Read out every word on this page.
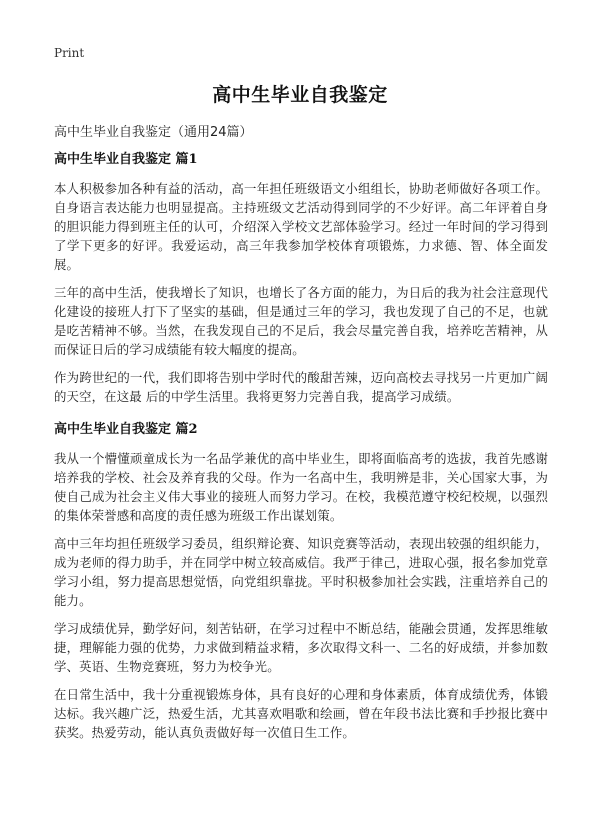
Print
高中生毕业自我鉴定

高中生毕业自我鉴定（通用24篇）

高中生毕业自我鉴定 篇1

本人积极参加各种有益的活动，高一年担任班级语文小组组长，协助老师做好各项工作。自身语言表达能力也明显提高。主持班级文艺活动得到同学的不少好评。高二年评着自身的胆识能力得到班主任的认可，介绍深入学校文艺部体验学习。经过一年时间的学习得到了学下更多的好评。我爱运动，高三年我参加学校体育项锻炼，力求德、智、体全面发展。

三年的高中生活，使我增长了知识，也增长了各方面的能力，为日后的我为社会注意现代化建设的接班人打下了坚实的基础，但是通过三年的学习，我也发现了自己的不足，也就是吃苦精神不够。当然，在我发现自己的不足后，我会尽量完善自我，培养吃苦精神，从而保证日后的学习成绩能有较大幅度的提高。

作为跨世纪的一代，我们即将告别中学时代的酸甜苦辣，迈向高校去寻找另一片更加广阔的天空，在这最 后的中学生活里。我将更努力完善自我，提高学习成绩。

高中生毕业自我鉴定 篇2

我从一个懵懂顽童成长为一名品学兼优的高中毕业生，即将面临高考的选拔，我首先感谢培养我的学校、社会及养育我的父母。作为一名高中生，我明辨是非，关心国家大事，为使自己成为社会主义伟大事业的接班人而努力学习。在校，我模范遵守校纪校规，以强烈的集体荣誉感和高度的责任感为班级工作出谋划策。

高中三年均担任班级学习委员，组织辩论赛、知识竞赛等活动，表现出较强的组织能力，成为老师的得力助手，并在同学中树立较高威信。我严于律己，进取心强，报名参加党章学习小组，努力提高思想觉悟，向党组织靠拢。平时积极参加社会实践，注重培养自己的能力。

学习成绩优异，勤学好问，刻苦钻研，在学习过程中不断总结，能融会贯通，发挥思维敏捷，理解能力强的优势，力求做到精益求精，多次取得文科一、二名的好成绩，并参加数学、英语、生物竞赛班，努力为校争光。

在日常生活中，我十分重视锻炼身体，具有良好的心理和身体素质，体育成绩优秀，体锻达标。我兴趣广泛，热爱生活，尤其喜欢唱歌和绘画，曾在年段书法比赛和手抄报比赛中获奖。热爱劳动，能认真负责做好每一次值日生工作。
